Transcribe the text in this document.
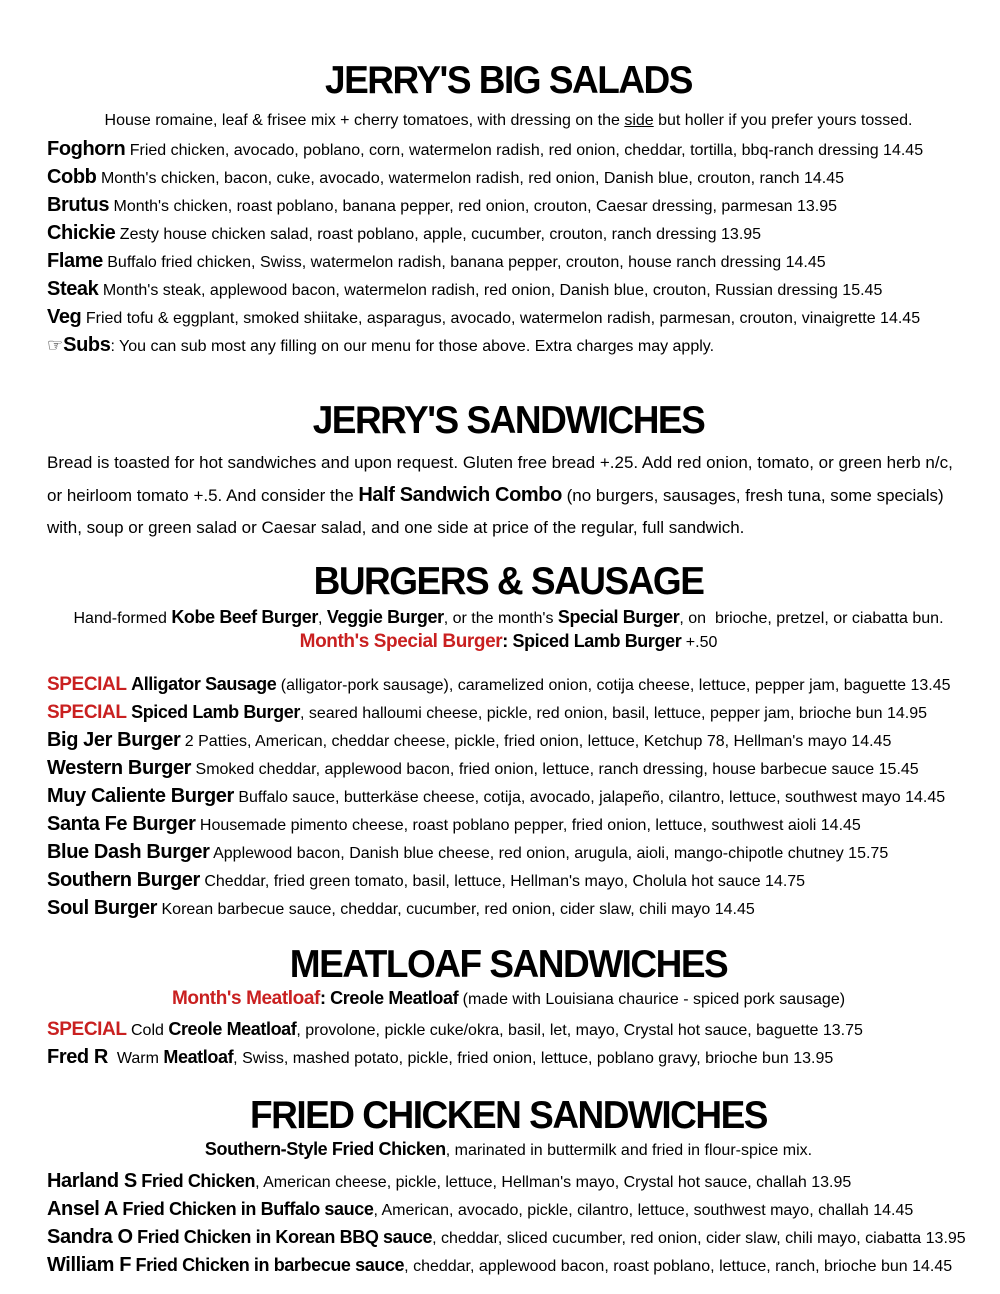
JERRY'S BIG SALADS

House romaine, leaf & frisee mix + cherry tomatoes, with dressing on the side but holler if you prefer yours tossed.

Foghorn Fried chicken, avocado, poblano, corn, watermelon radish, red onion, cheddar, tortilla, bbq-ranch dressing 14.45

Cobb Month's chicken, bacon, cuke, avocado, watermelon radish, red onion, Danish blue, crouton, ranch 14.45

Brutus Month's chicken, roast poblano, banana pepper, red onion, crouton, Caesar dressing, parmesan 13.95

Chickie Zesty house chicken salad, roast poblano, apple, cucumber, crouton, ranch dressing 13.95

Flame Buffalo fried chicken, Swiss, watermelon radish, banana pepper, crouton, house ranch dressing 14.45

Steak Month's steak, applewood bacon, watermelon radish, red onion, Danish blue, crouton, Russian dressing 15.45

Veg Fried tofu & eggplant, smoked shiitake, asparagus, avocado, watermelon radish, parmesan, crouton, vinaigrette 14.45

☞Subs: You can sub most any filling on our menu for those above. Extra charges may apply.

JERRY'S SANDWICHES

Bread is toasted for hot sandwiches and upon request. Gluten free bread +.25. Add red onion, tomato, or green herb n/c, or heirloom tomato +.5. And consider the Half Sandwich Combo (no burgers, sausages, fresh tuna, some specials) with, soup or green salad or Caesar salad, and one side at price of the regular, full sandwich.

BURGERS & SAUSAGE

Hand-formed Kobe Beef Burger, Veggie Burger, or the month's Special Burger, on  brioche, pretzel, or ciabatta bun.

Month's Special Burger: Spiced Lamb Burger +.50

SPECIAL Alligator Sausage (alligator-pork sausage), caramelized onion, cotija cheese, lettuce, pepper jam, baguette 13.45

SPECIAL Spiced Lamb Burger, seared halloumi cheese, pickle, red onion, basil, lettuce, pepper jam, brioche bun 14.95

Big Jer Burger 2 Patties, American, cheddar cheese, pickle, fried onion, lettuce, Ketchup 78, Hellman's mayo 14.45

Western Burger Smoked cheddar, applewood bacon, fried onion, lettuce, ranch dressing, house barbecue sauce 15.45

Muy Caliente Burger Buffalo sauce, butterkäse cheese, cotija, avocado, jalapeño, cilantro, lettuce, southwest mayo 14.45

Santa Fe Burger Housemade pimento cheese, roast poblano pepper, fried onion, lettuce, southwest aioli 14.45

Blue Dash Burger Applewood bacon, Danish blue cheese, red onion, arugula, aioli, mango-chipotle chutney 15.75

Southern Burger Cheddar, fried green tomato, basil, lettuce, Hellman's mayo, Cholula hot sauce 14.75

Soul Burger Korean barbecue sauce, cheddar, cucumber, red onion, cider slaw, chili mayo 14.45

MEATLOAF SANDWICHES

Month's Meatloaf: Creole Meatloaf (made with Louisiana chaurice - spiced pork sausage)

SPECIAL Cold Creole Meatloaf, provolone, pickle cuke/okra, basil, let, mayo, Crystal hot sauce, baguette 13.75

Fred R  Warm Meatloaf, Swiss, mashed potato, pickle, fried onion, lettuce, poblano gravy, brioche bun 13.95

FRIED CHICKEN SANDWICHES

Southern-Style Fried Chicken, marinated in buttermilk and fried in flour-spice mix.

Harland S Fried Chicken, American cheese, pickle, lettuce, Hellman's mayo, Crystal hot sauce, challah 13.95

Ansel A Fried Chicken in Buffalo sauce, American, avocado, pickle, cilantro, lettuce, southwest mayo, challah 14.45

Sandra O Fried Chicken in Korean BBQ sauce, cheddar, sliced cucumber, red onion, cider slaw, chili mayo, ciabatta 13.95

William F Fried Chicken in barbecue sauce, cheddar, applewood bacon, roast poblano, lettuce, ranch, brioche bun 14.45
